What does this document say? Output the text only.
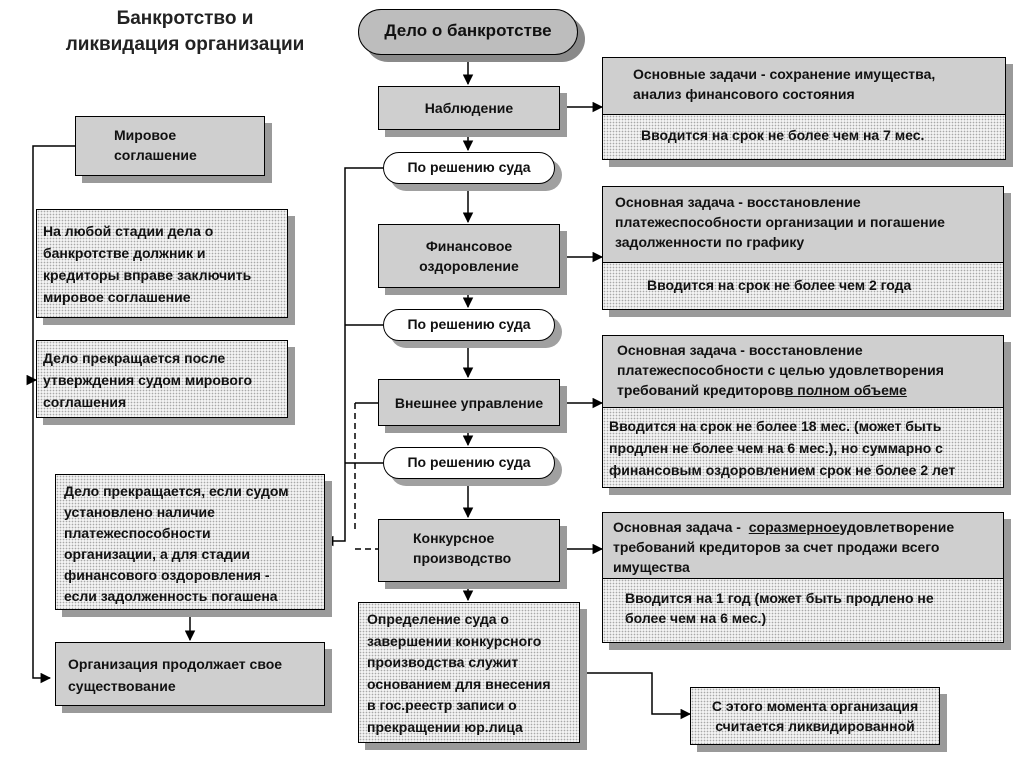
Банкротство и
ликвидация организации
Дело о банкротстве
Наблюдение
По решению суда
Финансовое
оздоровление
По решению суда
Внешнее управление
По решению суда
Конкурсное
производство
Определение суда о
завершении конкурсного
производства служит
основанием для внесения
в гос.реестр записи о
прекращении юр.лица
С этого момента организация
считается ликвидированной
Основные задачи - сохранение имущества,
анализ финансового состояния
Вводится на срок не более чем на 7 мес.
Основная задача - восстановление
платежеспособности организации и погашение
задолженности по графику
Вводится на срок не более чем 2 года
Основная задача - восстановление
платежеспособности с целью удовлетворения
требований кредиторовв полном объеме
Вводится на срок не более 18 мес. (может быть
продлен не более чем на 6 мес.), но суммарно с
финансовым оздоровлением срок не более 2 лет
Основная задача -  соразмерноеудовлетворение
требований кредиторов за счет продажи всего
имущества
Вводится на 1 год (может быть продлено не
более чем на 6 мес.)
Мировое
соглашение
На любой стадии дела о
банкротстве должник и
кредиторы вправе заключить
мировое соглашение
Дело прекращается после
утверждения судом мирового
соглашения
Дело прекращается, если судом
установлено наличие
платежеспособности
организации, а для стадии
финансового оздоровления -
если задолженность погашена
Организация продолжает свое
существование
